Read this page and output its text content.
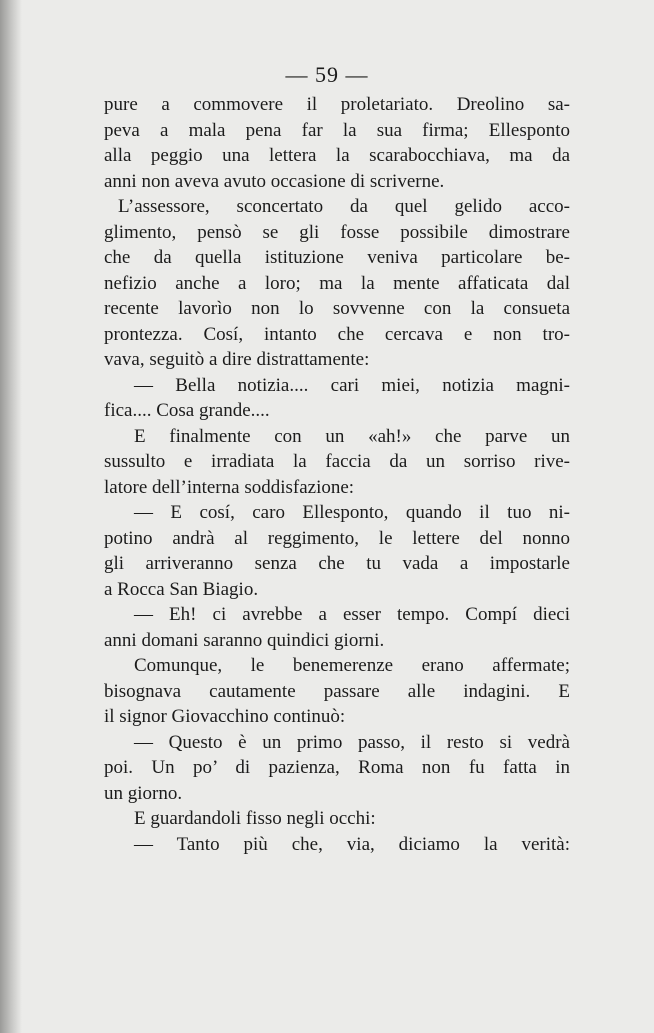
— 59 —
pure a commovere il proletariato. Dreolino sa-
peva a mala pena far la sua firma; Ellesponto
alla peggio una lettera la scarabocchiava, ma da
anni non aveva avuto occasione di scriverne.
L’assessore, sconcertato da quel gelido acco-
glimento, pensò se gli fosse possibile dimostrare
che da quella istituzione veniva particolare be-
nefizio anche a loro; ma la mente affaticata dal
recente lavorìo non lo sovvenne con la consueta
prontezza. Cosí, intanto che cercava e non tro-
vava, seguitò a dire distrattamente:
— Bella notizia.... cari miei, notizia magni-
fica.... Cosa grande....
E finalmente con un «ah!» che parve un
sussulto e irradiata la faccia da un sorriso rive-
latore dell’interna soddisfazione:
— E cosí, caro Ellesponto, quando il tuo ni-
potino andrà al reggimento, le lettere del nonno
gli arriveranno senza che tu vada a impostarle
a Rocca San Biagio.
— Eh! ci avrebbe a esser tempo. Compí dieci
anni domani saranno quindici giorni.
Comunque, le benemerenze erano affermate;
bisognava cautamente passare alle indagini. E
il signor Giovacchino continuò:
— Questo è un primo passo, il resto si vedrà
poi. Un po’ di pazienza, Roma non fu fatta in
un giorno.
E guardandoli fisso negli occhi:
— Tanto più che, via, diciamo la verità:
